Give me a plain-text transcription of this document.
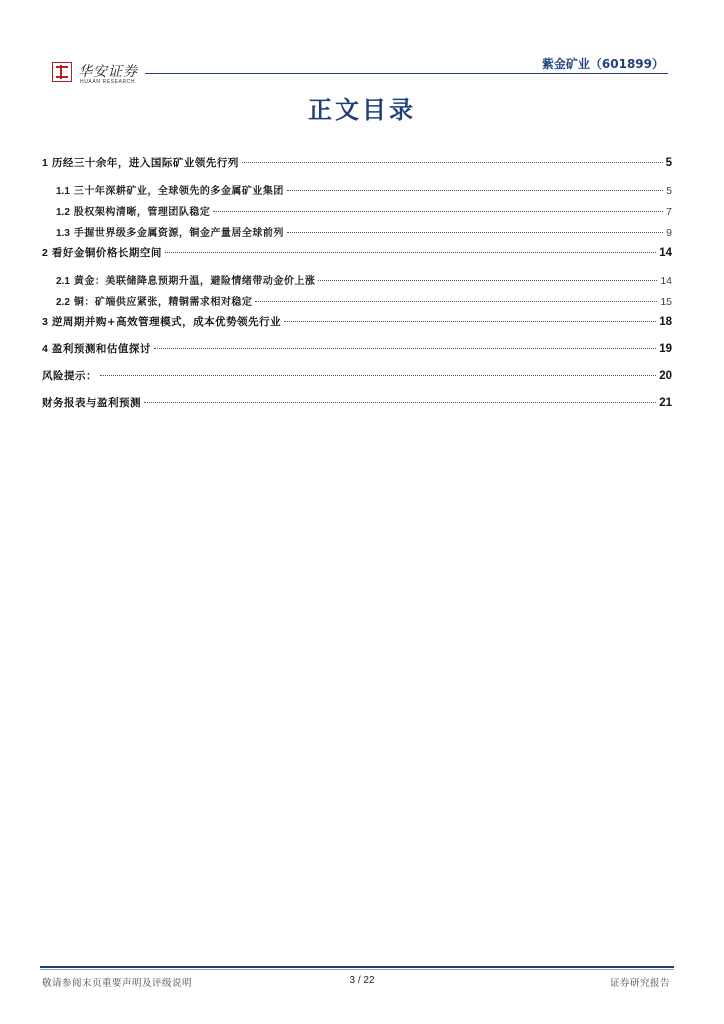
华安证券
HUAAN RESEARCH
紫金矿业（601899）
正文目录
1 历经三十余年，进入国际矿业领先行列	5
1.1 三十年深耕矿业，全球领先的多金属矿业集团	5
1.2 股权架构清晰，管理团队稳定	7
1.3 手握世界级多金属资源，铜金产量居全球前列	9
2 看好金铜价格长期空间	14
2.1 黄金：美联储降息预期升温，避险情绪带动金价上涨	14
2.2 铜：矿端供应紧张，精铜需求相对稳定	15
3 逆周期并购+高效管理模式，成本优势领先行业	18
4 盈利预测和估值探讨	19
风险提示：	20
财务报表与盈利预测	21
敬请参阅末页重要声明及评级说明	3 / 22	证券研究报告
